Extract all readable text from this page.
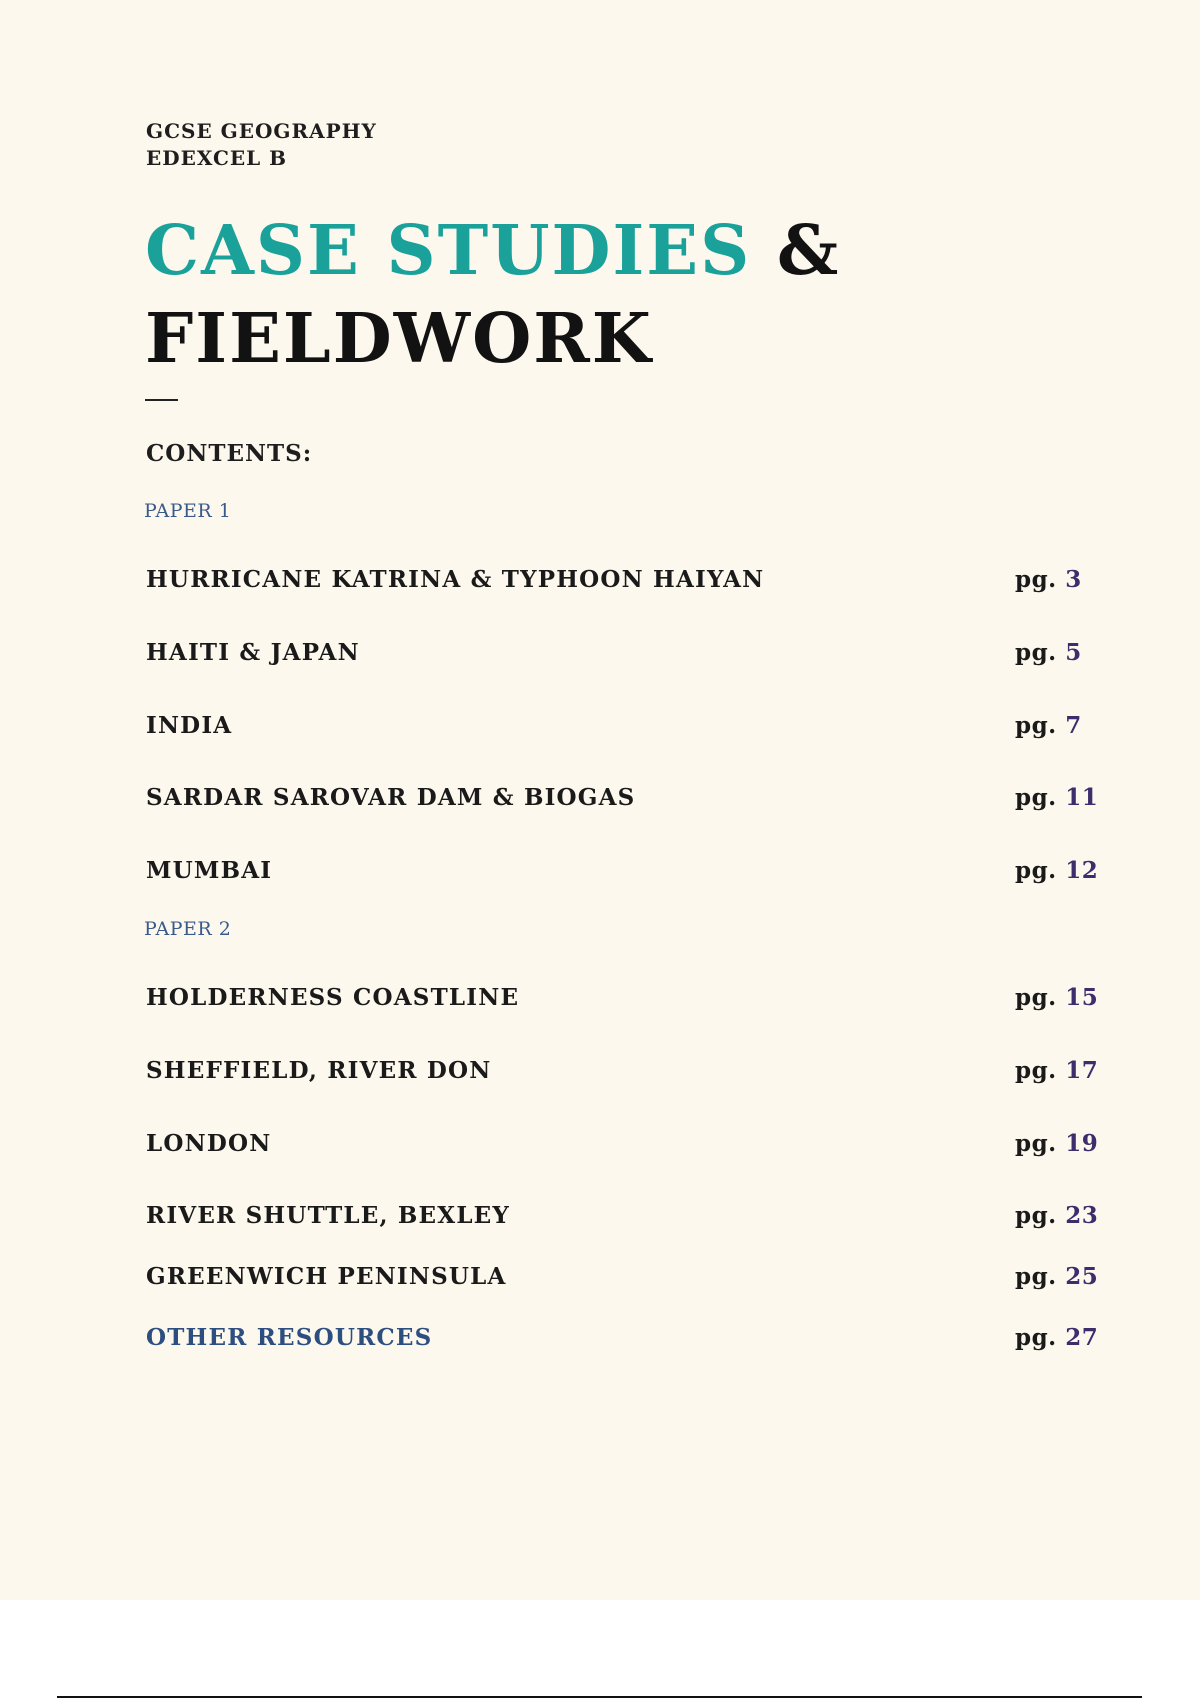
GCSE GEOGRAPHY
EDEXCEL B
CASE STUDIES &
FIELDWORK
CONTENTS:
PAPER 1
HURRICANE KATRINA & TYPHOON HAIYAN	pg. 3
HAITI & JAPAN	pg. 5
INDIA	pg. 7
SARDAR SAROVAR DAM & BIOGAS	pg. 11
MUMBAI	pg. 12
PAPER 2
HOLDERNESS COASTLINE	pg. 15
SHEFFIELD, RIVER DON	pg. 17
LONDON	pg. 19
RIVER SHUTTLE, BEXLEY	pg. 23
GREENWICH PENINSULA	pg. 25
OTHER RESOURCES	pg. 27
